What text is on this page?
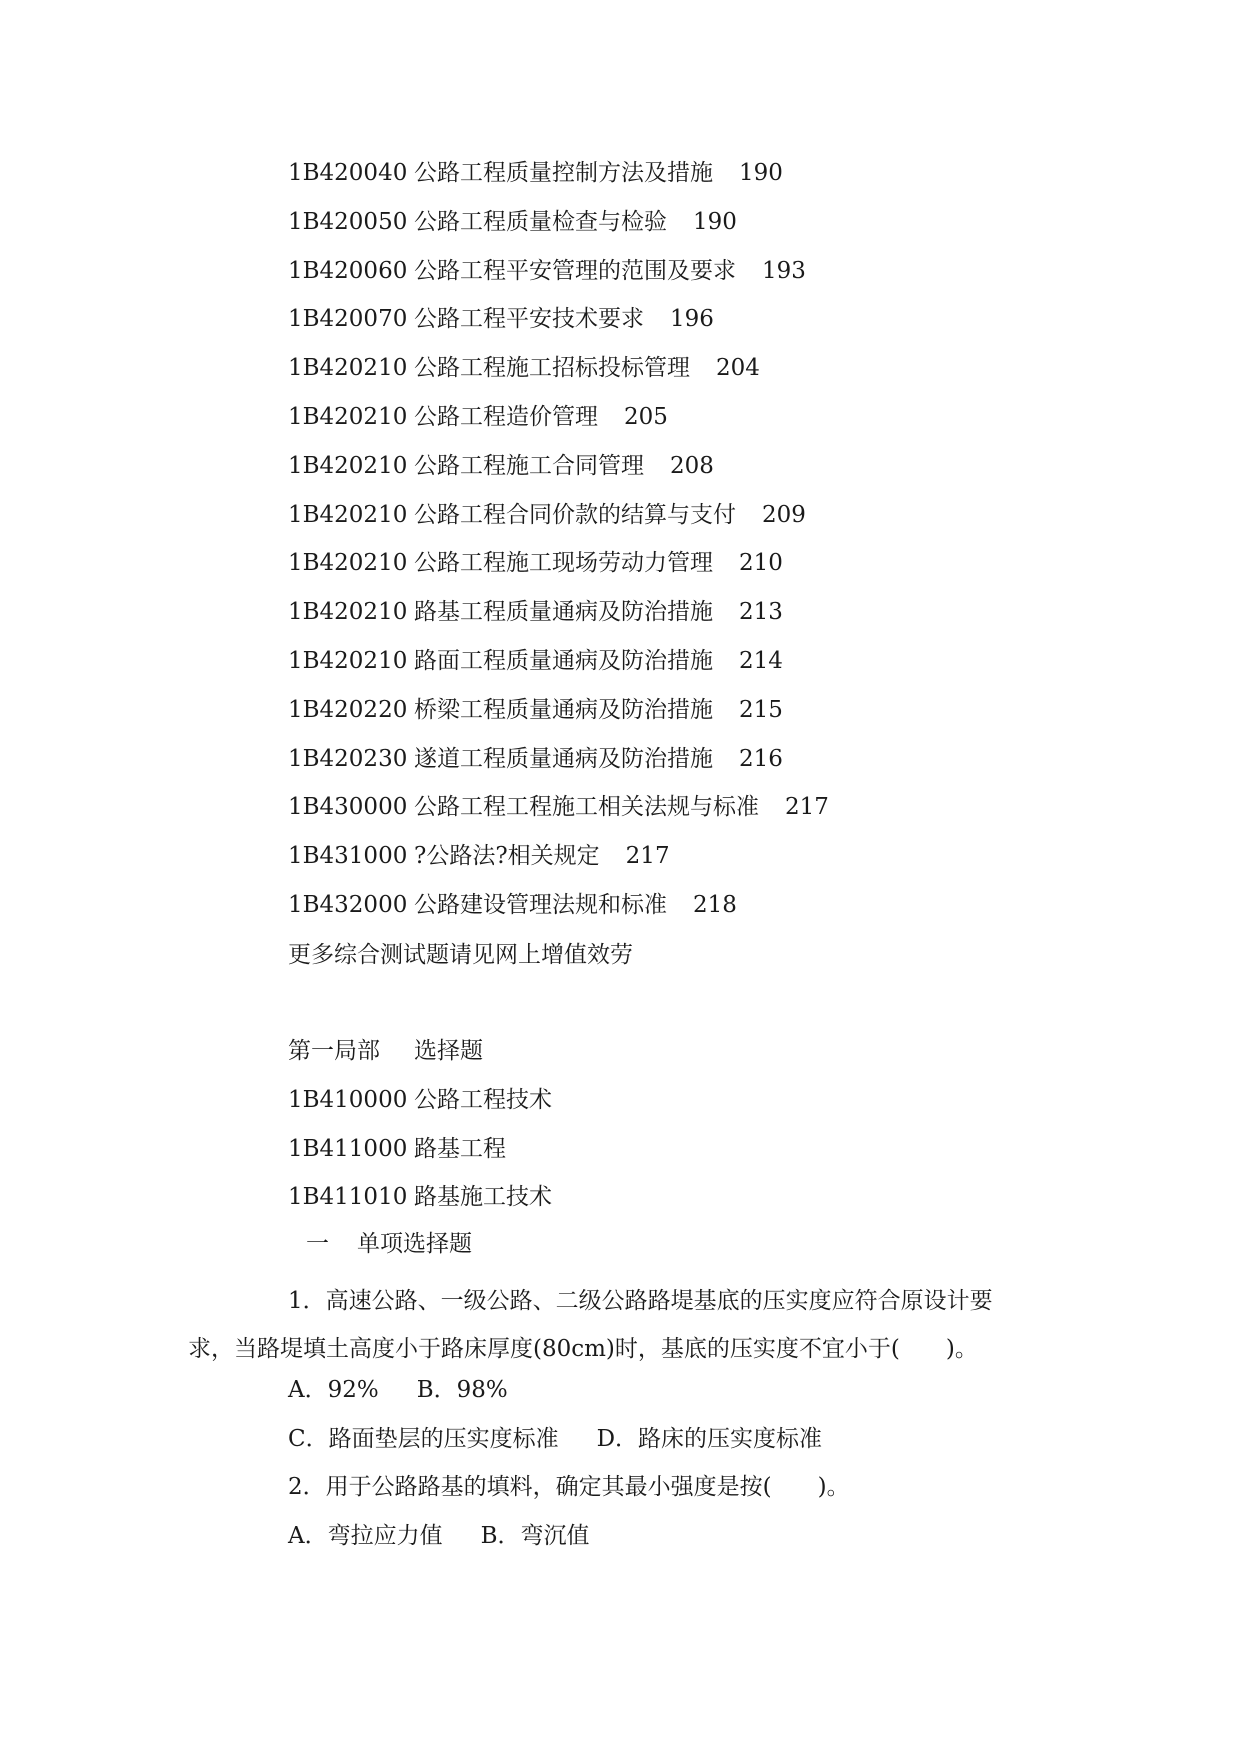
1B420040 公路工程质量控制方法及措施 190
1B420050 公路工程质量检查与检验 190
1B420060 公路工程平安管理的范围及要求 193
1B420070 公路工程平安技术要求 196
1B420210 公路工程施工招标投标管理 204
1B420210 公路工程造价管理 205
1B420210 公路工程施工合同管理 208
1B420210 公路工程合同价款的结算与支付 209
1B420210 公路工程施工现场劳动力管理 210
1B420210 路基工程质量通病及防治措施 213
1B420210 路面工程质量通病及防治措施 214
1B420220 桥梁工程质量通病及防治措施 215
1B420230 遂道工程质量通病及防治措施 216
1B430000 公路工程工程施工相关法规与标准 217
1B431000 ?公路法?相关规定 217
1B432000 公路建设管理法规和标准 218
更多综合测试题请见网上增值效劳
第一局部 选择题
1B410000 公路工程技术
1B411000 路基工程
1B411010 路基施工技术
一 单项选择题
1．高速公路、一级公路、二级公路路堤基底的压实度应符合原设计要
求，当路堤填土高度小于路床厚度(80cm)时，基底的压实度不宜小于(　　)。
A．92% B．98%
C．路面垫层的压实度标准 D．路床的压实度标准
2．用于公路路基的填料，确定其最小强度是按(　　)。
A．弯拉应力值 B．弯沉值
